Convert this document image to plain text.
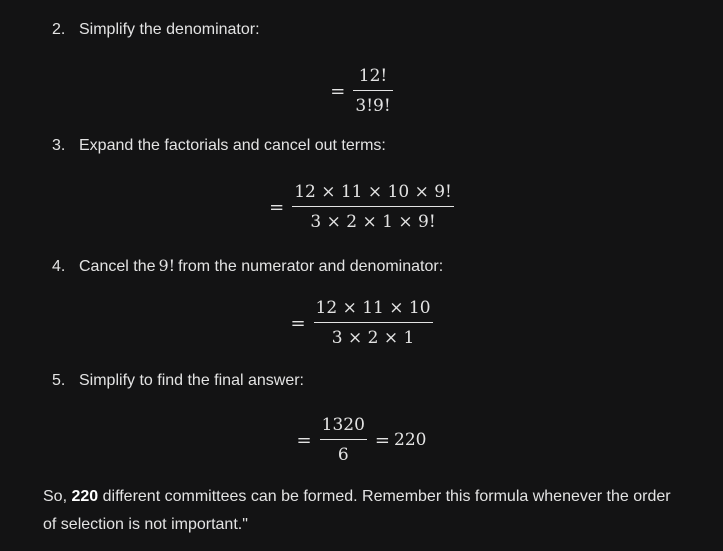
2. Simplify the denominator:
= $\frac{12!}{3!9!}$
3. Expand the factorials and cancel out terms:
= $\frac{12 \times 11 \times 10 \times 9!}{3 \times 2 \times 1 \times 9!}$
4. Cancel the 9! from the numerator and denominator:
= $\frac{12 \times 11 \times 10}{3 \times 2 \times 1}$
5. Simplify to find the final answer:
= $\frac{1320}{6} = 220$
So, 220 different committees can be formed. Remember this formula whenever the order of selection is not important."
